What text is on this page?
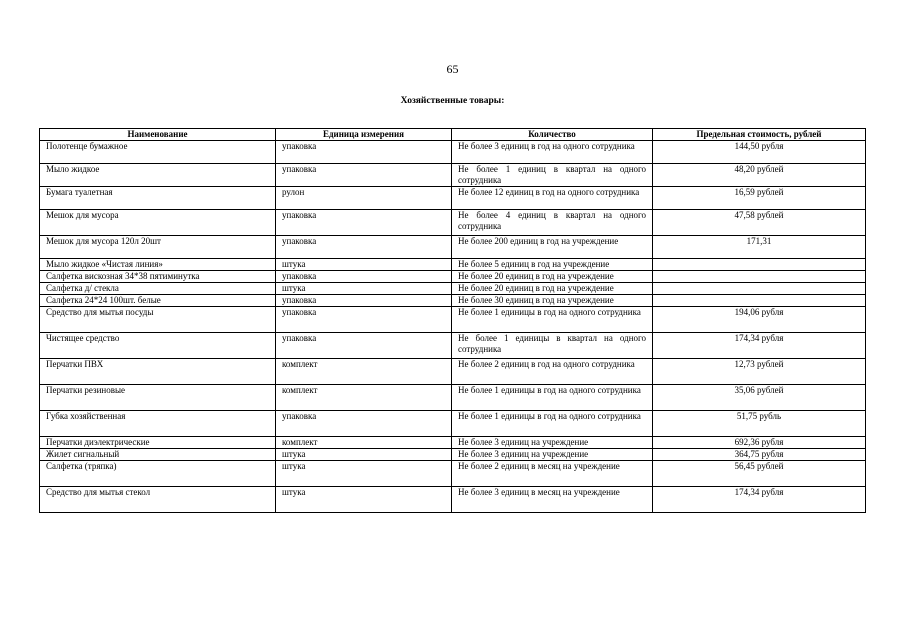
65
Хозяйственные товары:
Наименование	Единица измерения	Количество	Предельная стоимость, рублей
Полотенце бумажное	упаковка	Не более 3 единиц в год на одного сотрудника	144,50 рубля
Мыло жидкое	упаковка	Не более 1 единиц в квартал на одного сотрудника	48,20 рублей
Бумага туалетная	рулон	Не более 12 единиц в год на одного сотрудника	16,59 рублей
Мешок для мусора	упаковка	Не более 4 единиц в квартал на одного сотрудника	47,58 рублей
Мешок для мусора 120л 20шт	упаковка	Не более 200 единиц в год на учреждение	171,31
Мыло жидкое «Чистая линия»	штука	Не более 5 единиц в год на учреждение	
Салфетка вискозная 34*38 пятиминутка	упаковка	Не более 20 единиц в год на учреждение	
Салфетка д/ стекла	штука	Не более 20 единиц в год на учреждение	
Салфетка 24*24 100шт. белые	упаковка	Не более 30 единиц в год на учреждение	
Средство для мытья посуды	упаковка	Не более 1 единицы в год на одного сотрудника	194,06 рубля
Чистящее средство	упаковка	Не более 1 единицы в квартал на одного сотрудника	174,34 рубля
Перчатки ПВХ	комплект	Не более 2 единиц в год на одного сотрудника	12,73 рублей
Перчатки резиновые	комплект	Не более 1 единицы в год на одного сотрудника	35,06 рублей
Губка хозяйственная	упаковка	Не более 1 единицы в год на одного сотрудника	51,75 рубль
Перчатки диэлектрические	комплект	Не более 3 единиц на учреждение	692,36 рубля
Жилет сигнальный	штука	Не более 3 единиц на учреждение	364,75 рубля
Салфетка (тряпка)	штука	Не более 2 единиц в месяц на учреждение	56,45 рублей
Средство для мытья стекол	штука	Не более 3 единиц в месяц на учреждение	174,34 рубля
